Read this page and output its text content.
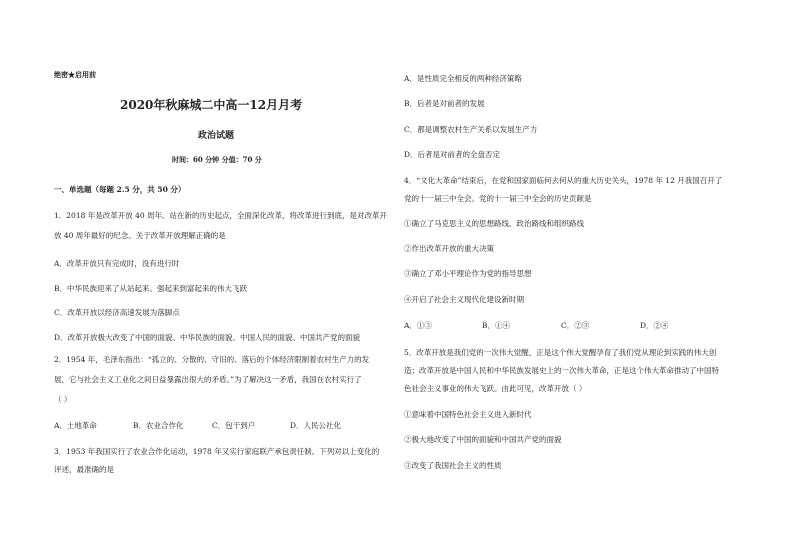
绝密★启用前
2020年秋麻城二中高一12月月考
政治试题
时间：60 分钟 分值：70 分
一、单选题（每题 2.5 分，共 50 分）
1．2018 年是改革开放 40 周年。站在新的历史起点，全面深化改革，将改革进行到底，是对改革开
放 40 周年最好的纪念。关于改革开放理解正确的是
A．改革开放只有完成时，没有进行时
B．中华民族迎来了从站起来、强起来到富起来的伟大飞跃
C．改革开放以经济高速发展为落脚点
D．改革开放极大改变了中国的面貌、中华民族的面貌、中国人民的面貌、中国共产党的面貌
2．1954 年，毛泽东指出：“孤立的、分散的、守旧的、落后的个体经济限制着农村生产力的发
展，它与社会主义工业化之间日益暴露出很大的矛盾。”为了解决这一矛盾，我国在农村实行了
（ ）
A．土地革命	B．农业合作化	C．包干到户	D．人民公社化
3．1953 年我国实行了农业合作化运动，1978 年又实行家庭联产承包责任制。下列对以上变化的
评述，最准确的是
A．是性质完全相反的两种经济策略
B．后者是对前者的发展
C．都是调整农村生产关系以发展生产力
D．后者是对前者的全盘否定
4．“文化大革命”结束后，在党和国家面临何去何从的重大历史关头，1978 年 12 月我国召开了
党的十一届三中全会。党的十一届三中全会的历史贡献是
①确立了马克思主义的思想路线、政治路线和组织路线
②作出改革开放的重大决策
③确立了邓小平理论作为党的指导思想
④开启了社会主义现代化建设新时期
A．①③	B．①④	C．②③	D．②④
5．改革开放是我们党的一次伟大觉醒，正是这个伟大觉醒孕育了我们党从理论到实践的伟大创
造；改革开放是中国人民和中华民族发展史上的一次伟大革命，正是这个伟大革命推动了中国特
色社会主义事业的伟大飞跃。由此可见，改革开放（ ）
①意味着中国特色社会主义进入新时代
②极大地改变了中国的面貌和中国共产党的面貌
③改变了我国社会主义的性质
